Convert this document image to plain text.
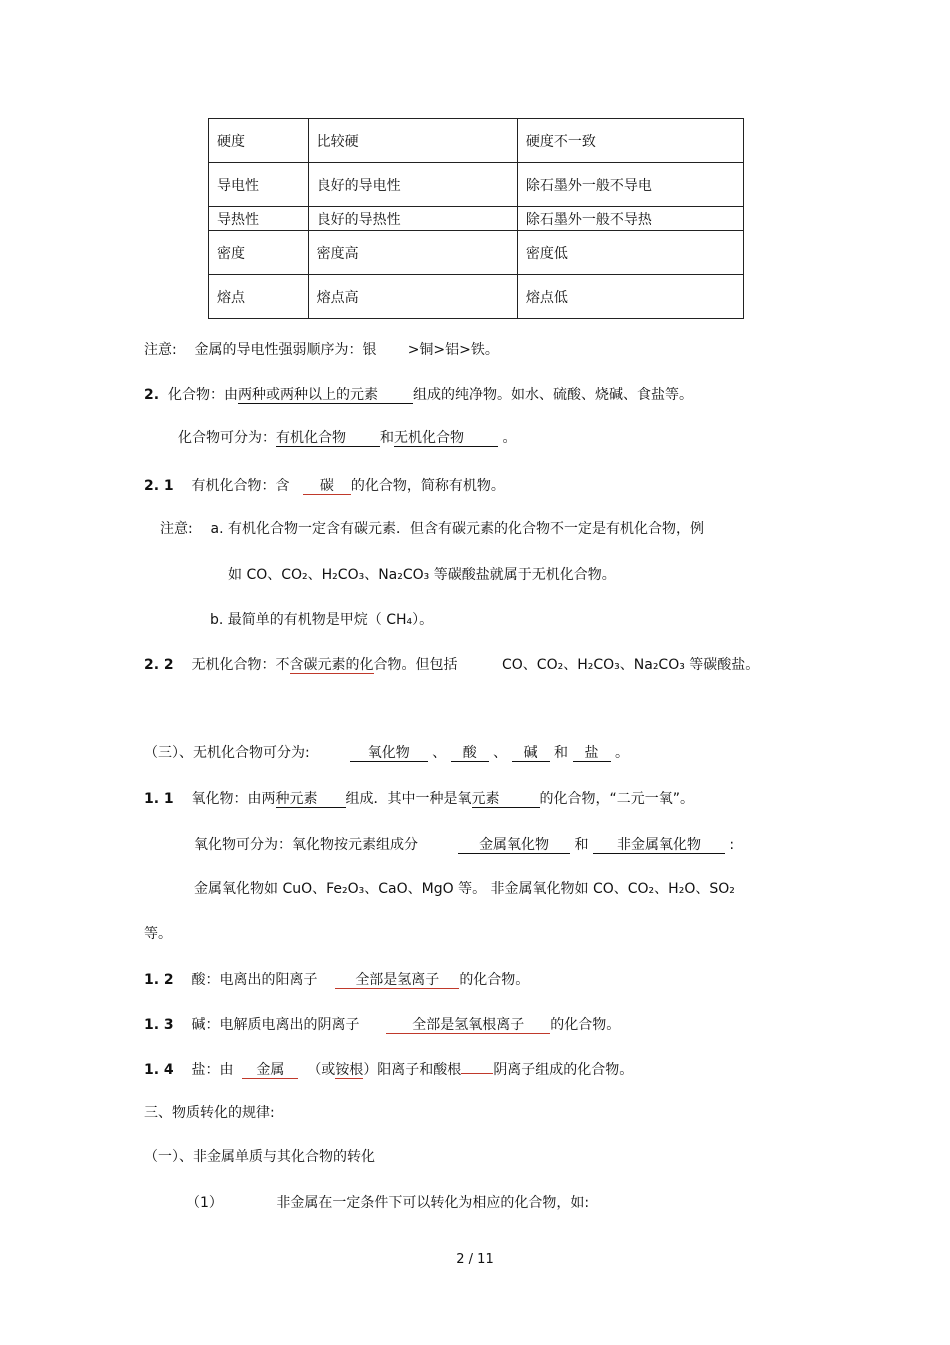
硬度	比较硬	硬度不一致
导电性	良好的导电性	除石墨外一般不导电
导热性	良好的导热性	除石墨外一般不导热
密度	密度高	密度低
熔点	熔点高	熔点低
注意: 金属的导电性强弱顺序为：银 >铜>铝>铁。
2. 化合物：由两种或两种以上的元素	组成的纯净物。如水、硫酸、烧碱、食盐等。
化合物可分为：有机化合物 和无机化合物	。
2. 1 有机化合物：含 碳 的化合物，简称有机物。
注意: a. 有机化合物一定含有碳元素．但含有碳元素的化合物不一定是有机化合物，例
如 CO、CO₂、H₂CO₃、Na₂CO₃ 等碳酸盐就属于无机化合物。
b. 最简单的有机物是甲烷（ CH₄）。
2. 2 无机化合物：不含碳元素的化合物。但包括	CO、CO₂、H₂CO₃、Na₂CO₃ 等碳酸盐。
（三）、无机化合物可分为:	氧化物 、 酸 、 碱 和 盐 。
1. 1 氧化物：由两种元素 组成．其中一种是氧元素	的化合物，“二元一氧”。
氧化物可分为：氧化物按元素组成分	金属氧化物 和 非金属氧化物 :
金属氧化物如 CuO、Fe₂O₃、CaO、MgO 等。 非金属氧化物如 CO、CO₂、H₂O、SO₂
等。
1. 2 酸：电离出的阳离子	全部是氢离子 的化合物。
1. 3 碱：电解质电离出的阴离子	全部是氢氧根离子 的化合物。
1. 4 盐：由 金属 （或铵根）阳离子和酸根 阴离子组成的化合物。
三、物质转化的规律:
（一）、非金属单质与其化合物的转化
（1）	非金属在一定条件下可以转化为相应的化合物，如:
2 / 11
